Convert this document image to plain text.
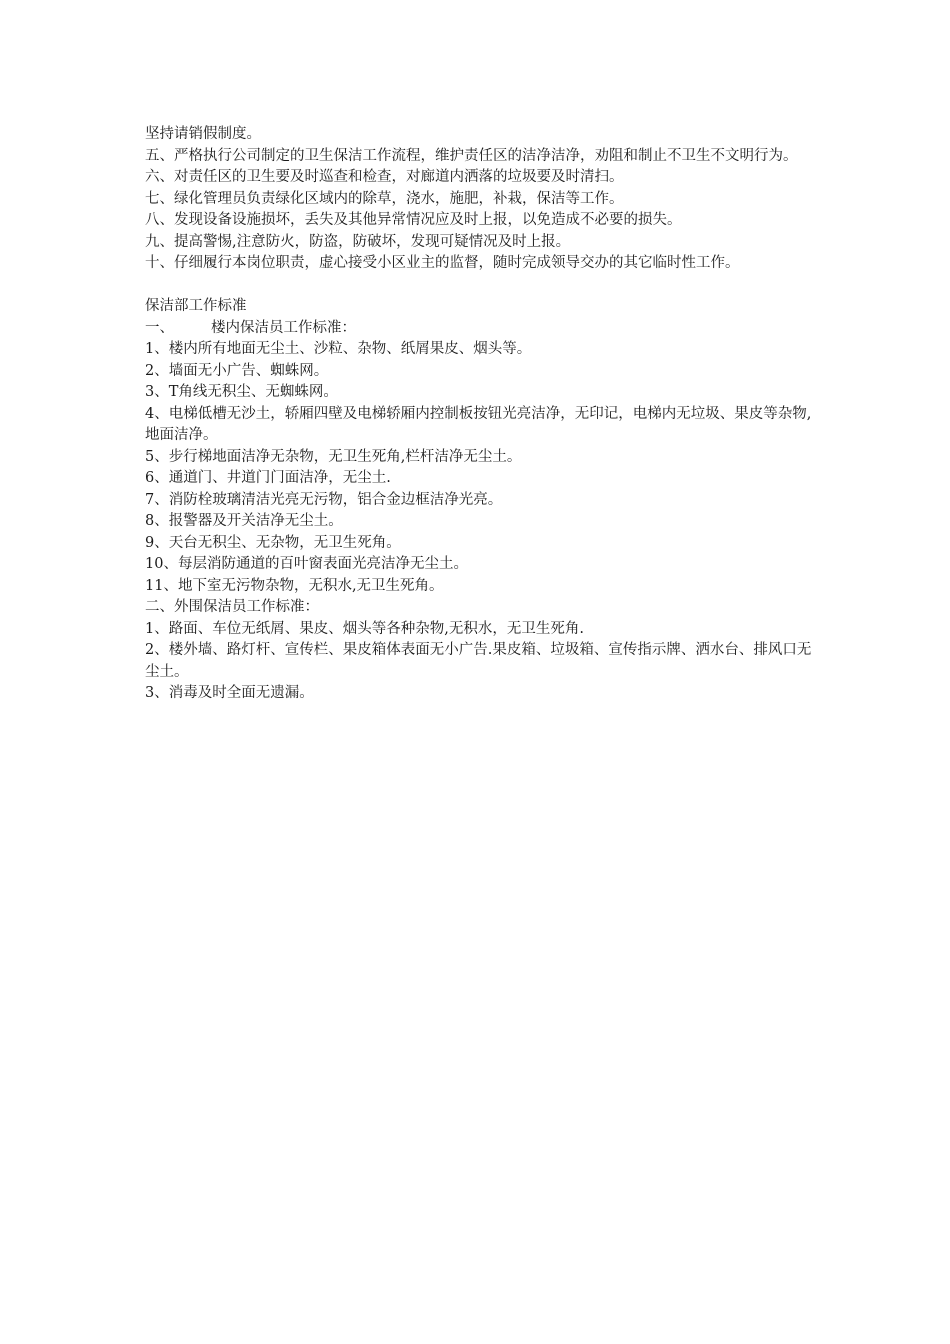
坚持请销假制度。

五、严格执行公司制定的卫生保洁工作流程，维护责任区的洁净洁净，劝阻和制止不卫生不文明行为。

六、对责任区的卫生要及时巡查和检查，对廊道内洒落的垃圾要及时清扫。

七、绿化管理员负责绿化区域内的除草，浇水，施肥，补栽，保洁等工作。

八、发现设备设施损坏，丢失及其他异常情况应及时上报，以免造成不必要的损失。

九、提高警惕,注意防火，防盗，防破坏，发现可疑情况及时上报。

十、仔细履行本岗位职责，虚心接受小区业主的监督，随时完成领导交办的其它临时性工作。

保洁部工作标准

一、	楼内保洁员工作标准：

1、楼内所有地面无尘土、沙粒、杂物、纸屑果皮、烟头等。

2、墙面无小广告、蜘蛛网。

3、T角线无积尘、无蜘蛛网。

4、电梯低槽无沙土，轿厢四壁及电梯轿厢内控制板按钮光亮洁净，无印记，电梯内无垃圾、果皮等杂物,地面洁净。

5、步行梯地面洁净无杂物，无卫生死角,栏杆洁净无尘土。

6、通道门、井道门门面洁净，无尘土.

7、消防栓玻璃清洁光亮无污物，铝合金边框洁净光亮。

8、报警器及开关洁净无尘土。

9、天台无积尘、无杂物，无卫生死角。

10、每层消防通道的百叶窗表面光亮洁净无尘土。

11、地下室无污物杂物，无积水,无卫生死角。

二、外围保洁员工作标准：

1、路面、车位无纸屑、果皮、烟头等各种杂物,无积水，无卫生死角.

2、楼外墙、路灯杆、宣传栏、果皮箱体表面无小广告.果皮箱、垃圾箱、宣传指示牌、洒水台、排风口无尘土。

3、消毒及时全面无遗漏。
